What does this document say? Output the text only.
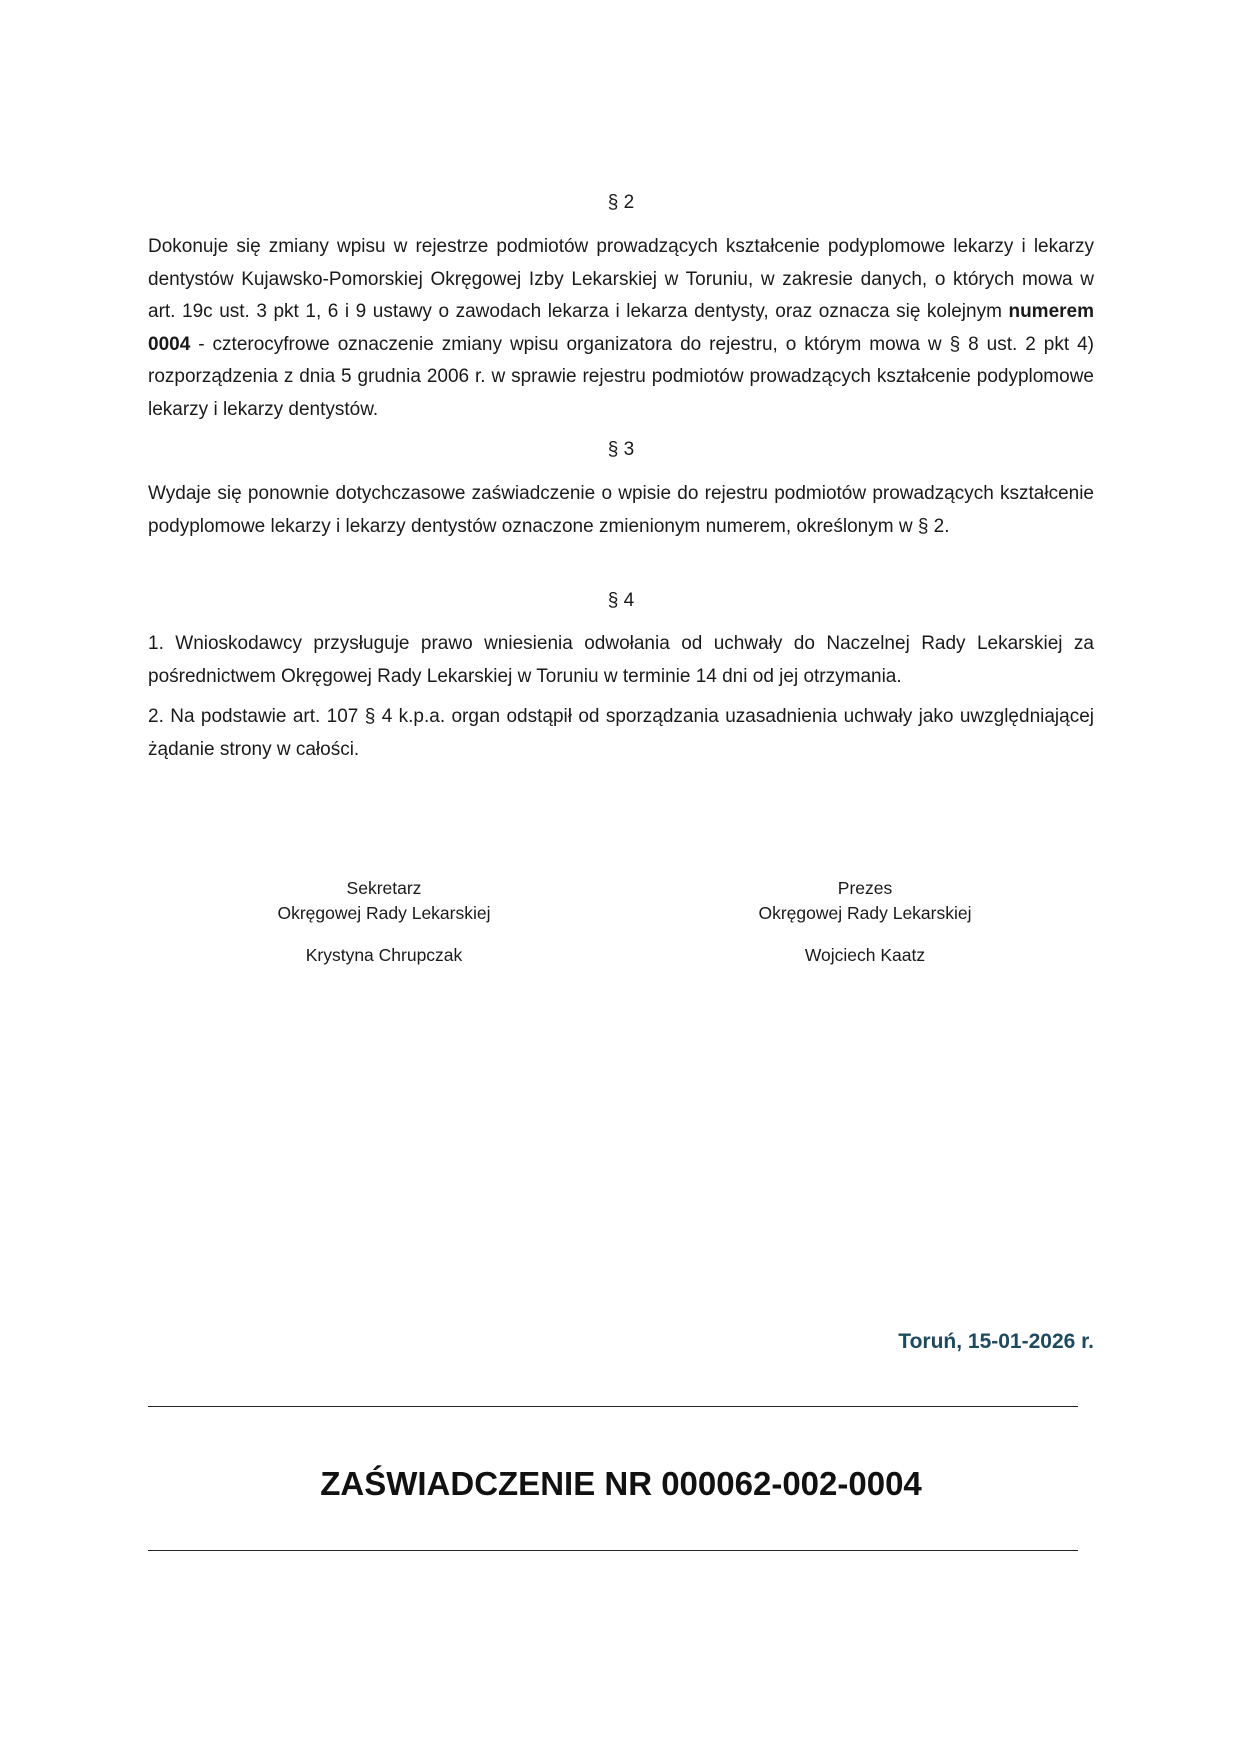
§ 2

Dokonuje się zmiany wpisu w rejestrze podmiotów prowadzących kształcenie podyplomowe lekarzy i lekarzy dentystów Kujawsko-Pomorskiej Okręgowej Izby Lekarskiej w Toruniu, w zakresie danych, o których mowa w art. 19c ust. 3 pkt 1, 6 i 9 ustawy o zawodach lekarza i lekarza dentysty, oraz oznacza się kolejnym numerem 0004 - czterocyfrowe oznaczenie zmiany wpisu organizatora do rejestru, o którym mowa w § 8 ust. 2 pkt 4) rozporządzenia z dnia 5 grudnia 2006 r. w sprawie rejestru podmiotów prowadzących kształcenie podyplomowe lekarzy i lekarzy dentystów.

§ 3

Wydaje się ponownie dotychczasowe zaświadczenie o wpisie do rejestru podmiotów prowadzących kształcenie podyplomowe lekarzy i lekarzy dentystów oznaczone zmienionym numerem, określonym w § 2.

§ 4

1. Wnioskodawcy przysługuje prawo wniesienia odwołania od uchwały do Naczelnej Rady Lekarskiej za pośrednictwem Okręgowej Rady Lekarskiej w Toruniu w terminie 14 dni od jej otrzymania.

2. Na podstawie art. 107 § 4 k.p.a. organ odstąpił od sporządzania uzasadnienia uchwały jako uwzględniającej żądanie strony w całości.

Sekretarz
Okręgowej Rady Lekarskiej
Krystyna Chrupczak
Prezes
Okręgowej Rady Lekarskiej
Wojciech Kaatz
Toruń, 15-01-2026 r.
ZAŚWIADCZENIE NR 000062-002-0004
